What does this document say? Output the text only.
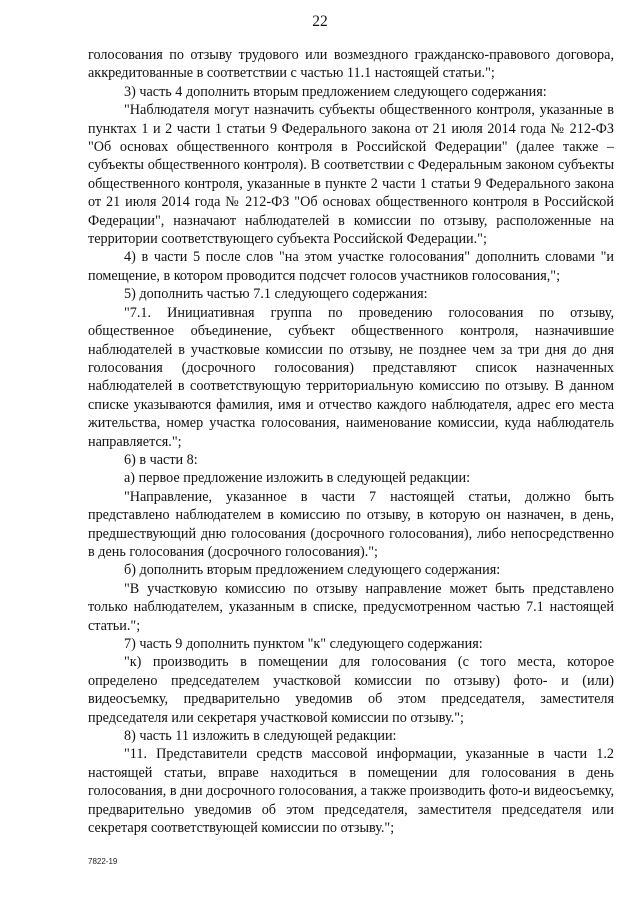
22

голосования по отзыву трудового или возмездного гражданско-правового договора, аккредитованные в соответствии с частью 11.1 настоящей статьи.";

3) часть 4 дополнить вторым предложением следующего содержания:

"Наблюдателя могут назначить субъекты общественного контроля, указанные в пунктах 1 и 2 части 1 статьи 9 Федерального закона от 21 июля 2014 года № 212-ФЗ "Об основах общественного контроля в Российской Федерации" (далее также – субъекты общественного контроля). В соответствии с Федеральным законом субъекты общественного контроля, указанные в пункте 2 части 1 статьи 9 Федерального закона от 21 июля 2014 года № 212-ФЗ "Об основах общественного контроля в Российской Федерации", назначают наблюдателей в комиссии по отзыву, расположенные на территории соответствующего субъекта Российской Федерации.";

4) в части 5 после слов "на этом участке голосования" дополнить словами "и помещение, в котором проводится подсчет голосов участников голосования,";

5) дополнить частью 7.1 следующего содержания:

"7.1. Инициативная группа по проведению голосования по отзыву, общественное объединение, субъект общественного контроля, назначившие наблюдателей в участковые комиссии по отзыву, не позднее чем за три дня до дня голосования (досрочного голосования) представляют список назначенных наблюдателей в соответствующую территориальную комиссию по отзыву. В данном списке указываются фамилия, имя и отчество каждого наблюдателя, адрес его места жительства, номер участка голосования, наименование комиссии, куда наблюдатель направляется.";

6) в части 8:

а) первое предложение изложить в следующей редакции:

"Направление, указанное в части 7 настоящей статьи, должно быть представлено наблюдателем в комиссию по отзыву, в которую он назначен, в день, предшествующий дню голосования (досрочного голосования), либо непосредственно в день голосования (досрочного голосования).";

б) дополнить вторым предложением следующего содержания:

"В участковую комиссию по отзыву направление может быть представлено только наблюдателем, указанным в списке, предусмотренном частью 7.1 настоящей статьи.";

7) часть 9 дополнить пунктом "к" следующего содержания:

"к) производить в помещении для голосования (с того места, которое определено председателем участковой комиссии по отзыву) фото- и (или) видеосъемку, предварительно уведомив об этом председателя, заместителя председателя или секретаря участковой комиссии по отзыву.";

8) часть 11 изложить в следующей редакции:

"11. Представители средств массовой информации, указанные в части 1.2 настоящей статьи, вправе находиться в помещении для голосования в день голосования, в дни досрочного голосования, а также производить фото-и видеосъемку, предварительно уведомив об этом председателя, заместителя председателя или секретаря соответствующей комиссии по отзыву.";

7822-19
